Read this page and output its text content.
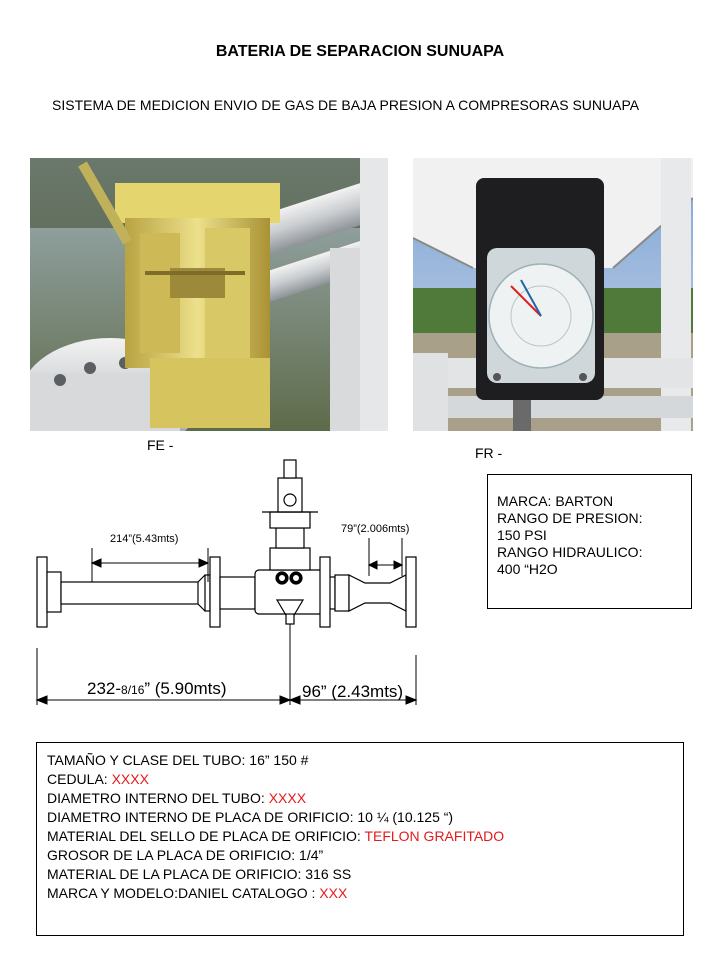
BATERIA DE SEPARACION SUNUAPA
SISTEMA DE MEDICION ENVIO DE GAS DE BAJA PRESION A COMPRESORAS SUNUAPA
FE -	FR -
MARCA: BARTON
RANGO DE PRESION:
150 PSI
RANGO HIDRAULICO:
400 “H2O
214”(5.43mts)
79”(2.006mts)
232-8/16” (5.90mts)	96” (2.43mts)
TAMAÑO Y CLASE DEL TUBO: 16” 150 #
CEDULA: XXXX
DIAMETRO INTERNO DEL TUBO: XXXX
DIAMETRO INTERNO DE PLACA DE ORIFICIO: 10 ¼ (10.125 “)
MATERIAL DEL SELLO DE PLACA DE ORIFICIO: TEFLON GRAFITADO
GROSOR DE LA PLACA DE ORIFICIO: 1/4”
MATERIAL DE LA PLACA DE ORIFICIO: 316 SS
MARCA Y MODELO:DANIEL CATALOGO : XXX
